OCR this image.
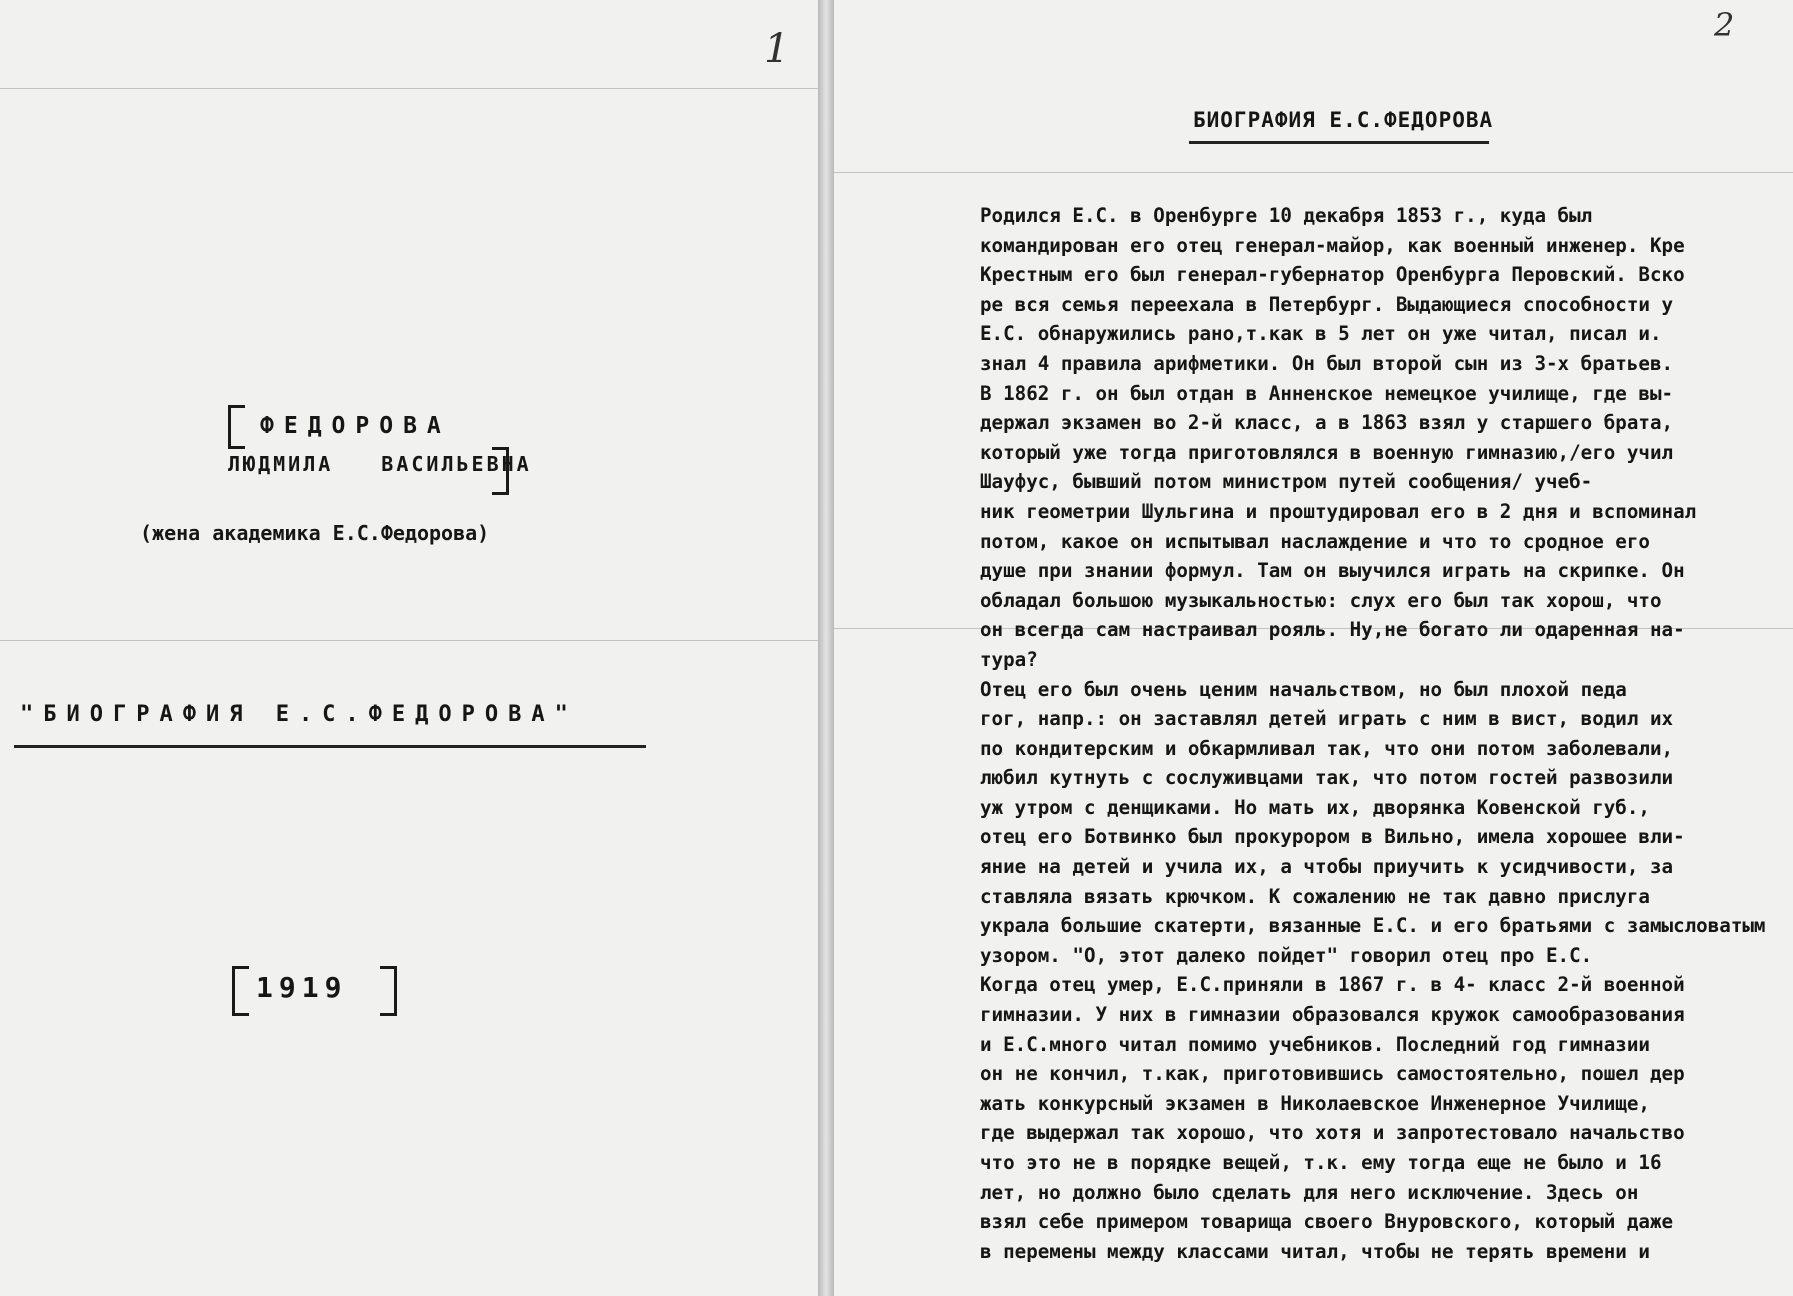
1
ФЕДОРОВА
ЛЮДМИЛА ВАСИЛЬЕВНА
(жена академика Е.С.Федорова)
"БИОГРАФИЯ Е.С.ФЕДОРОВА"
1919
2
БИОГРАФИЯ Е.С.ФЕДОРОВА
Родился Е.С. в Оренбурге 10 декабря 1853 г., куда был
командирован его отец генерал-майор, как военный инженер. Кре
Крестным его был генерал-губернатор Оренбурга Перовский. Вско
ре вся семья переехала в Петербург. Выдающиеся способности у
Е.С. обнаружились рано,т.как в 5 лет он уже читал, писал и.
знал 4 правила арифметики. Он был второй сын из 3-х братьев.
В 1862 г. он был отдан в Анненское немецкое училище, где вы-
держал экзамен во 2-й класс, а в 1863 взял у старшего брата,
который уже тогда приготовлялся в военную гимназию,/его учил
Шауфус, бывший потом министром путей сообщения/ учеб-
ник геометрии Шульгина и проштудировал его в 2 дня и вспоминал
потом, какое он испытывал наслаждение и что то сродное его
душе при знании формул. Там он выучился играть на скрипке. Он
обладал большою музыкальностью: слух его был так хорош, что
он всегда сам настраивал рояль. Ну,не богато ли одаренная на-
тура?
Отец его был очень ценим начальством, но был плохой педа
гог, напр.: он заставлял детей играть с ним в вист, водил их
по кондитерским и обкармливал так, что они потом заболевали,
любил кутнуть с сослуживцами так, что потом гостей развозили
уж утром с денщиками. Но мать их, дворянка Ковенской губ.,
отец его Ботвинко был прокурором в Вильно, имела хорошее вли-
яние на детей и учила их, а чтобы приучить к усидчивости, за
ставляла вязать крючком. К сожалению не так давно прислуга
украла большие скатерти, вязанные Е.С. и его братьями с замысловатым
узором. "О, этот далеко пойдет" говорил отец про Е.С.
Когда отец умер, Е.С.приняли в 1867 г. в 4- класс 2-й военной
гимназии. У них в гимназии образовался кружок самообразования
и Е.С.много читал помимо учебников. Последний год гимназии
он не кончил, т.как, приготовившись самостоятельно, пошел дер
жать конкурсный экзамен в Николаевское Инженерное Училище,
где выдержал так хорошо, что хотя и запротестовало начальство
что это не в порядке вещей, т.к. ему тогда еще не было и 16
лет, но должно было сделать для него исключение. Здесь он
взял себе примером товарища своего Внуровского, который даже
в перемены между классами читал, чтобы не терять времени и
